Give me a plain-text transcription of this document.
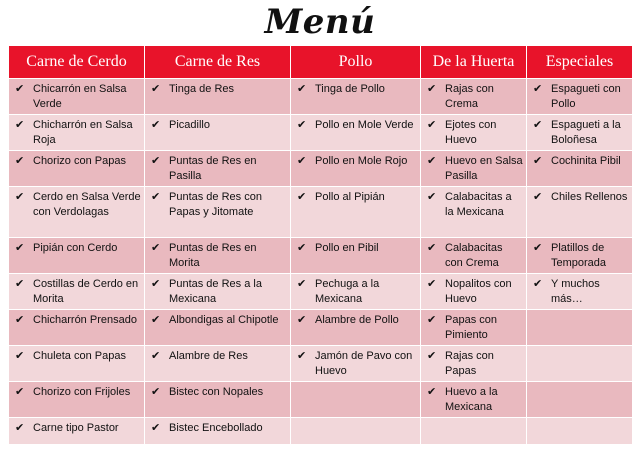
Menú
Carne de Cerdo	Carne de Res	Pollo	De la Huerta	Especiales

✔ Chicarrón en Salsa Verde	✔ Tinga de Res	✔ Tinga de Pollo	✔ Rajas con Crema	✔ Espagueti con Pollo

✔ Chicharrón en Salsa Roja	✔ Picadillo	✔ Pollo en Mole Verde	✔ Ejotes con Huevo	✔ Espagueti a la Boloñesa

✔ Chorizo con Papas	✔ Puntas de Res en Pasilla	✔ Pollo en Mole Rojo	✔ Huevo en Salsa Pasilla	✔ Cochinita Pibil

✔ Cerdo en Salsa Verde con Verdolagas	✔ Puntas de Res con Papas y Jitomate	✔ Pollo al Pipián	✔ Calabacitas a la Mexicana	✔ Chiles Rellenos

✔ Pipián con Cerdo	✔ Puntas de Res en Morita	✔ Pollo en Pibil	✔ Calabacitas con Crema	✔ Platillos de Temporada

✔ Costillas de Cerdo en Morita	✔ Puntas de Res a la Mexicana	✔ Pechuga a la Mexicana	✔ Nopalitos con Huevo	✔ Y muchos más…

✔ Chicharrón Prensado	✔ Albondigas al Chipotle	✔ Alambre de Pollo	✔ Papas con Pimiento	

✔ Chuleta con Papas	✔ Alambre de Res	✔ Jamón de Pavo con Huevo	✔ Rajas con Papas	

✔ Chorizo con Frijoles	✔ Bistec con Nopales		✔ Huevo a la Mexicana	

✔ Carne tipo Pastor	✔ Bistec Encebollado			
